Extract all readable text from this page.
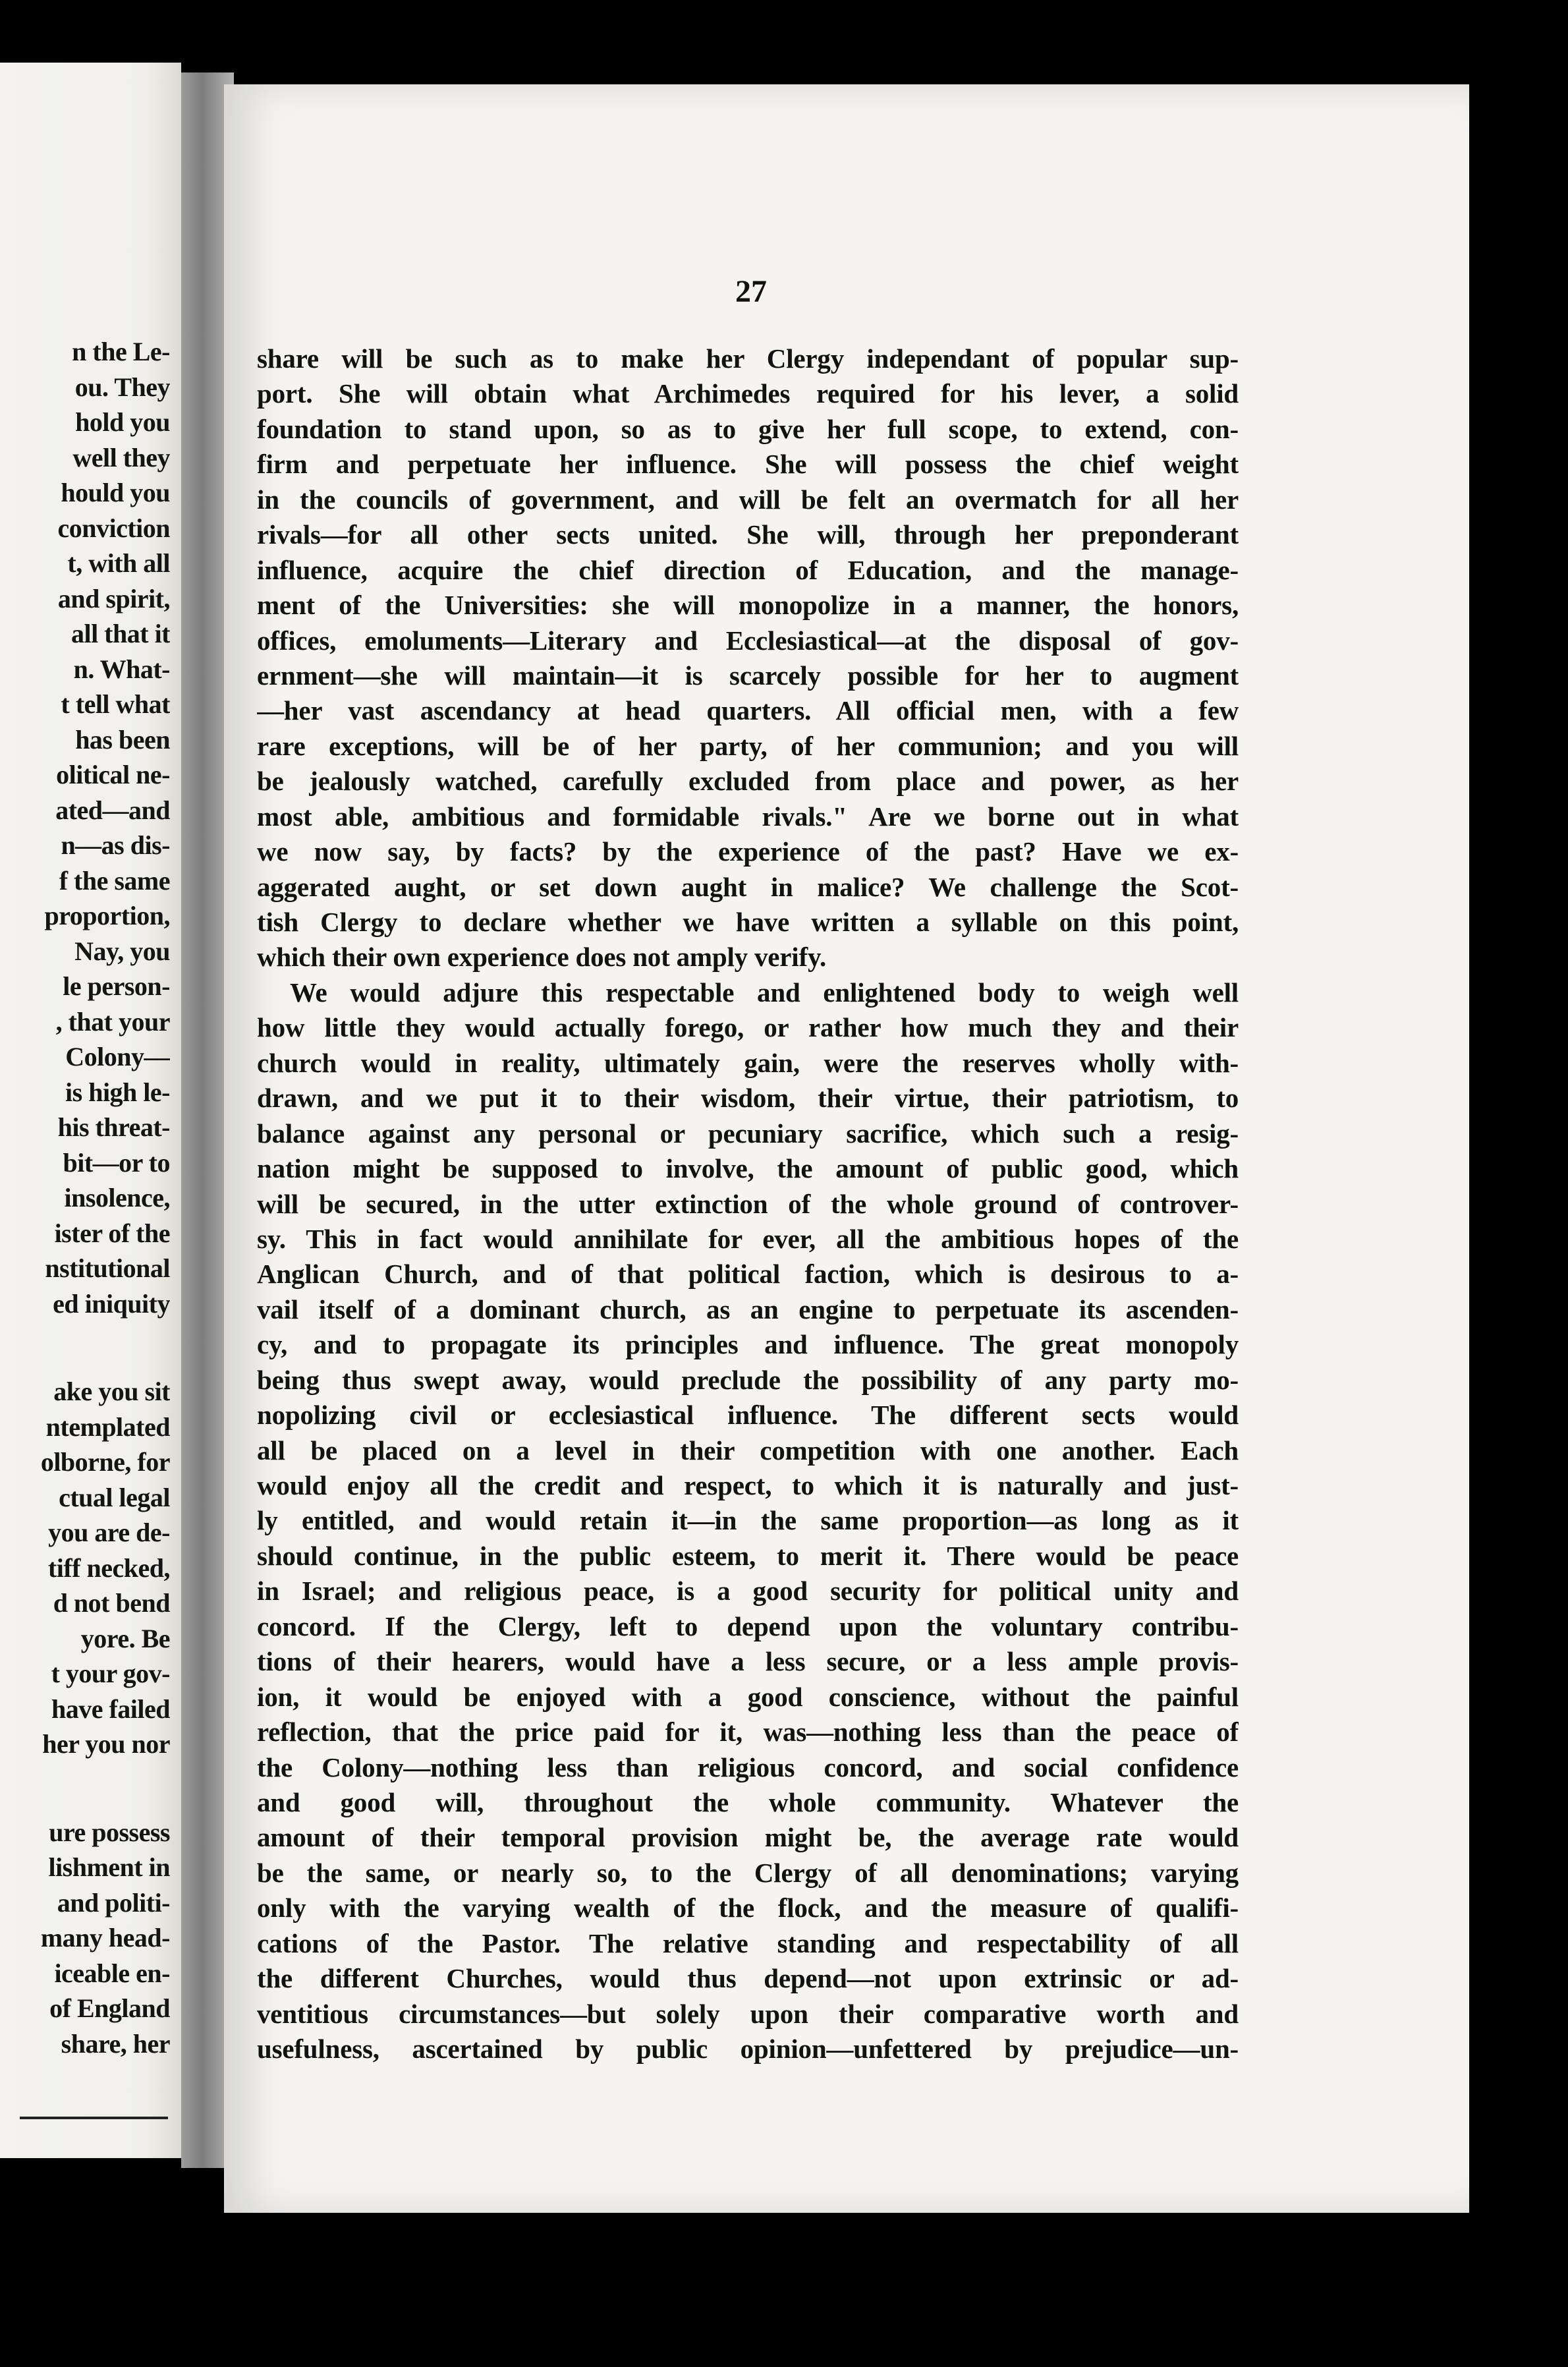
n the Le-
ou. They
hold you
well they
hould you
conviction
t, with all
and spirit,
all that it
n. What-
t tell what
has been
olitical ne-
ated—and
n—as dis-
f the same
proportion,
Nay, you
le person-
, that your
Colony—
is high le-
his threat-
bit—or to
insolence,
ister of the
nstitutional
ed iniquity
ake you sit
ntemplated
olborne, for
ctual legal
you are de-
tiff necked,
d not bend
yore. Be
t your gov-
have failed
her you nor
ure possess
lishment in
and politi-
many head-
iceable en-
of England
share, her
27
share will be such as to make her Clergy independant of popular sup-
port. She will obtain what Archimedes required for his lever, a solid
foundation to stand upon, so as to give her full scope, to extend, con-
firm and perpetuate her influence. She will possess the chief weight
in the councils of government, and will be felt an overmatch for all her
rivals—for all other sects united. She will, through her preponderant
influence, acquire the chief direction of Education, and the manage-
ment of the Universities: she will monopolize in a manner, the honors,
offices, emoluments—Literary and Ecclesiastical—at the disposal of gov-
ernment—she will maintain—it is scarcely possible for her to augment
—her vast ascendancy at head quarters. All official men, with a few
rare exceptions, will be of her party, of her communion; and you will
be jealously watched, carefully excluded from place and power, as her
most able, ambitious and formidable rivals." Are we borne out in what
we now say, by facts? by the experience of the past? Have we ex-
aggerated aught, or set down aught in malice? We challenge the Scot-
tish Clergy to declare whether we have written a syllable on this point,
which their own experience does not amply verify.
We would adjure this respectable and enlightened body to weigh well
how little they would actually forego, or rather how much they and their
church would in reality, ultimately gain, were the reserves wholly with-
drawn, and we put it to their wisdom, their virtue, their patriotism, to
balance against any personal or pecuniary sacrifice, which such a resig-
nation might be supposed to involve, the amount of public good, which
will be secured, in the utter extinction of the whole ground of controver-
sy. This in fact would annihilate for ever, all the ambitious hopes of the
Anglican Church, and of that political faction, which is desirous to a-
vail itself of a dominant church, as an engine to perpetuate its ascenden-
cy, and to propagate its principles and influence. The great monopoly
being thus swept away, would preclude the possibility of any party mo-
nopolizing civil or ecclesiastical influence. The different sects would
all be placed on a level in their competition with one another. Each
would enjoy all the credit and respect, to which it is naturally and just-
ly entitled, and would retain it—in the same proportion—as long as it
should continue, in the public esteem, to merit it. There would be peace
in Israel; and religious peace, is a good security for political unity and
concord. If the Clergy, left to depend upon the voluntary contribu-
tions of their hearers, would have a less secure, or a less ample provis-
ion, it would be enjoyed with a good conscience, without the painful
reflection, that the price paid for it, was—nothing less than the peace of
the Colony—nothing less than religious concord, and social confidence
and good will, throughout the whole community. Whatever the
amount of their temporal provision might be, the average rate would
be the same, or nearly so, to the Clergy of all denominations; varying
only with the varying wealth of the flock, and the measure of qualifi-
cations of the Pastor. The relative standing and respectability of all
the different Churches, would thus depend—not upon extrinsic or ad-
ventitious circumstances—but solely upon their comparative worth and
usefulness, ascertained by public opinion—unfettered by prejudice—un-
